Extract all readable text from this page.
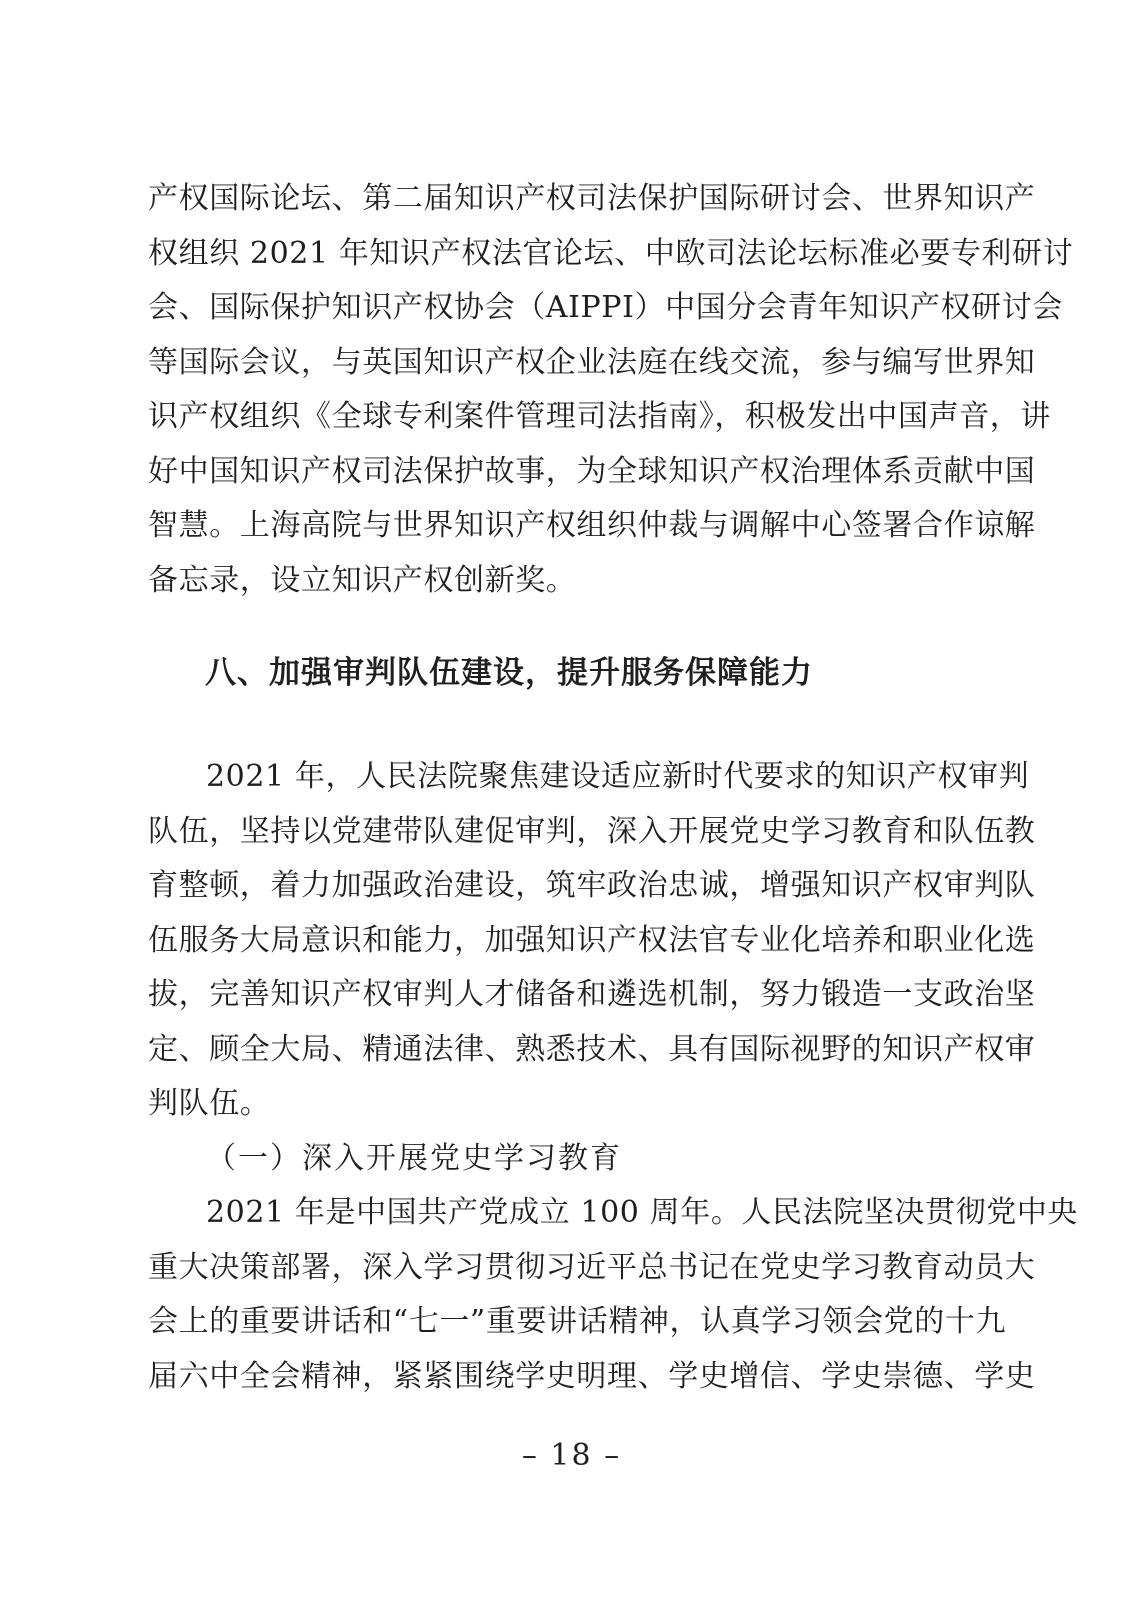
产权国际论坛、第二届知识产权司法保护国际研讨会、世界知识产
权组织 2021 年知识产权法官论坛、中欧司法论坛标准必要专利研讨
会、国际保护知识产权协会（AIPPI）中国分会青年知识产权研讨会
等国际会议，与英国知识产权企业法庭在线交流，参与编写世界知
识产权组织《全球专利案件管理司法指南》，积极发出中国声音，讲
好中国知识产权司法保护故事，为全球知识产权治理体系贡献中国
智慧。上海高院与世界知识产权组织仲裁与调解中心签署合作谅解
备忘录，设立知识产权创新奖。
八、加强审判队伍建设，提升服务保障能力
2021 年，人民法院聚焦建设适应新时代要求的知识产权审判
队伍，坚持以党建带队建促审判，深入开展党史学习教育和队伍教
育整顿，着力加强政治建设，筑牢政治忠诚，增强知识产权审判队
伍服务大局意识和能力，加强知识产权法官专业化培养和职业化选
拔，完善知识产权审判人才储备和遴选机制，努力锻造一支政治坚
定、顾全大局、精通法律、熟悉技术、具有国际视野的知识产权审
判队伍。
（一）深入开展党史学习教育
2021 年是中国共产党成立 100 周年。人民法院坚决贯彻党中央
重大决策部署，深入学习贯彻习近平总书记在党史学习教育动员大
会上的重要讲话和“七一”重要讲话精神，认真学习领会党的十九
届六中全会精神，紧紧围绕学史明理、学史增信、学史崇德、学史
– 18 –
